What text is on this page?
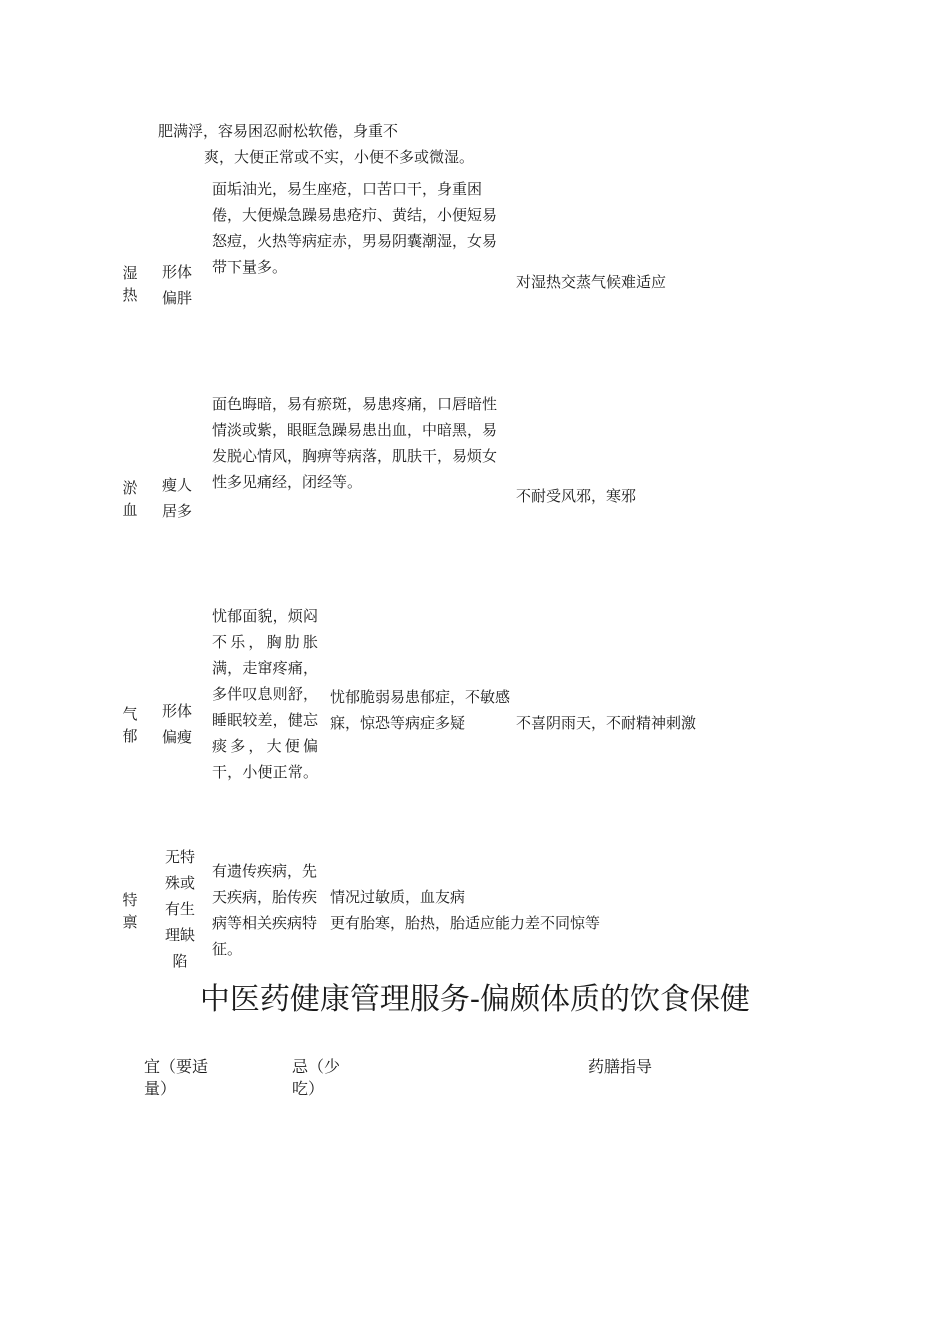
肥满浮，容易困忍耐松软倦，身重不
爽，大便正常或不实，小便不多或微湿。
面垢油光，易生座疮，口苦口干，身重困倦，大便燥急躁易患疮疖、黄结，小便短易怒痘，火热等病症赤，男易阴囊潮湿，女易带下量多。
湿热
形体偏胖
对湿热交蒸气候难适应
面色晦暗，易有瘀斑，易患疼痛，口唇暗性情淡或紫，眼眶急躁易患出血，中暗黑，易发脱心情风，胸痹等病落，肌肤干，易烦女性多见痛经，闭经等。
淤血
瘦人居多
不耐受风邪，寒邪
忧郁面貌，烦闷不乐，胸肋胀满，走窜疼痛，多伴叹息则舒，睡眠较差，健忘痰多，大便偏干，小便正常。
气郁
形体偏瘦
忧郁脆弱易患郁症，不敏感寐，惊恐等病症多疑	不喜阴雨天，不耐精神刺激
有遗传疾病，先天疾病，胎传疾病等相关疾病特征。
特禀
无特殊或有生理缺陷
情况过敏质，血友病
更有胎寒，胎热，胎适应能力差不同惊等
中医药健康管理服务-偏颇体质的饮食保健
宜（要适量）
忌（少吃）
药膳指导
